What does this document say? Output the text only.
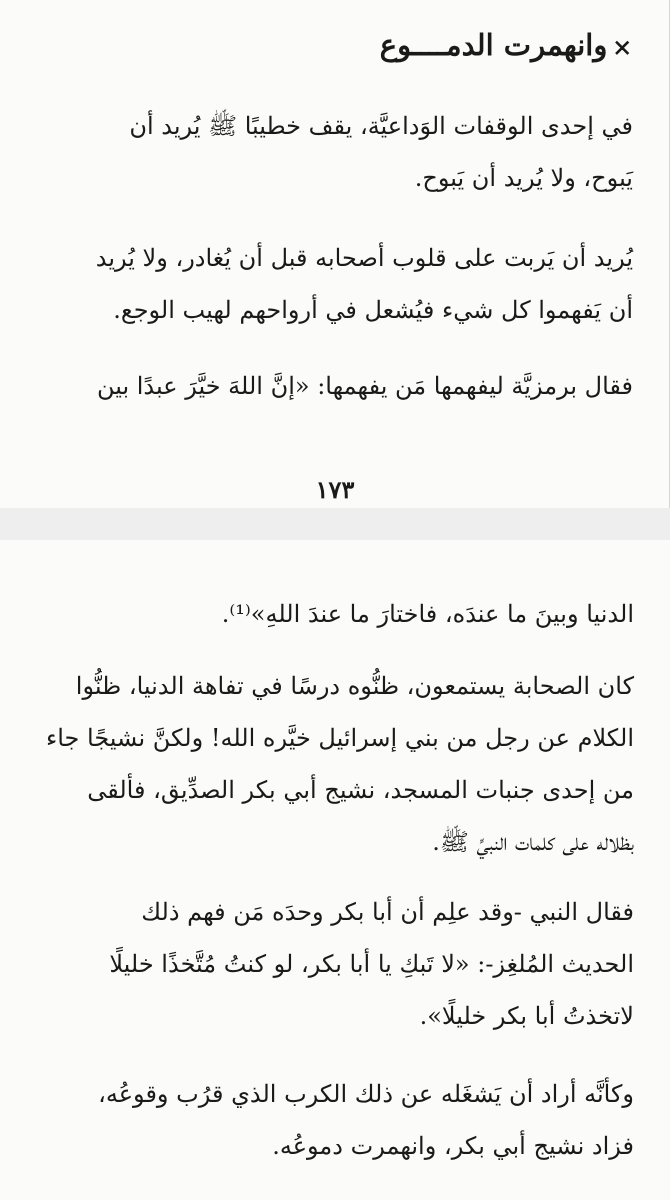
𐄂وانهمرت الدمــــوع
في إحدى الوقفات الوَداعيَّة، يقف خطيبًا ﷺ يُريد أن
يَبوح، ولا يُريد أن يَبوح.
يُريد أن يَربت على قلوب أصحابه قبل أن يُغادر، ولا يُريد
أن يَفهموا كل شيء فيُشعل في أرواحهم لهيب الوجع.
فقال برمزيَّة ليفهمها مَن يفهمها: «إنَّ اللهَ خيَّرَ عبدًا بين
١٧٣
الدنيا وبينَ ما عندَه، فاختارَ ما عندَ اللهِ»⁽¹⁾.
كان الصحابة يستمعون، ظنُّوه درسًا في تفاهة الدنيا، ظنُّوا
الكلام عن رجل من بني إسرائيل خيَّره الله! ولكنَّ نشيجًا جاء
من إحدى جنبات المسجد، نشيج أبي بكر الصدِّيق، فألقى
بظلاله على كلمات النبيِّ ﷺ.
فقال النبي -وقد علِم أن أبا بكر وحدَه مَن فهم ذلك
الحديث المُلغِز-: «لا تَبكِ يا أبا بكر، لو كنتُ مُتَّخذًا خليلًا
لاتخذتُ أبا بكر خليلًا».
وكأنَّه أراد أن يَشغَله عن ذلك الكرب الذي قرُب وقوعُه،
فزاد نشيج أبي بكر، وانهمرت دموعُه.
